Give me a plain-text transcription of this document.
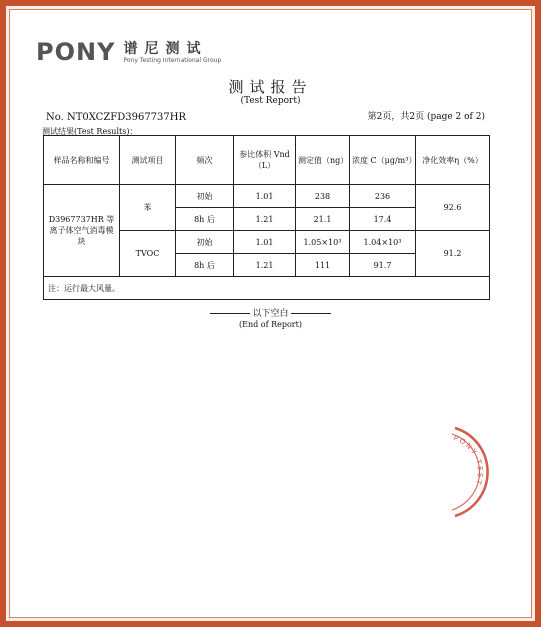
PONY 谱尼测试
Pony Testing International Group
测试报告
(Test Report)
No. NT0XCZFD3967737HR	第2页，共2页 (page 2 of 2)
测试结果(Test Results)：
样品名称和编号	测试项目	频次	参比体积 Vnd（L）	测定值（ng）	浓度 C（μg/m³）	净化效率η（%）
D3967737HR 等离子体空气消毒模块	苯	初始	1.01	238	236	92.6
		8h 后	1.21	21.1	17.4	
	TVOC	初始	1.01	1.05×10³	1.04×10³	91.2
		8h 后	1.21	111	91.7	
注：运行最大风量。						
以下空白
(End of Report)
PONY TEST
